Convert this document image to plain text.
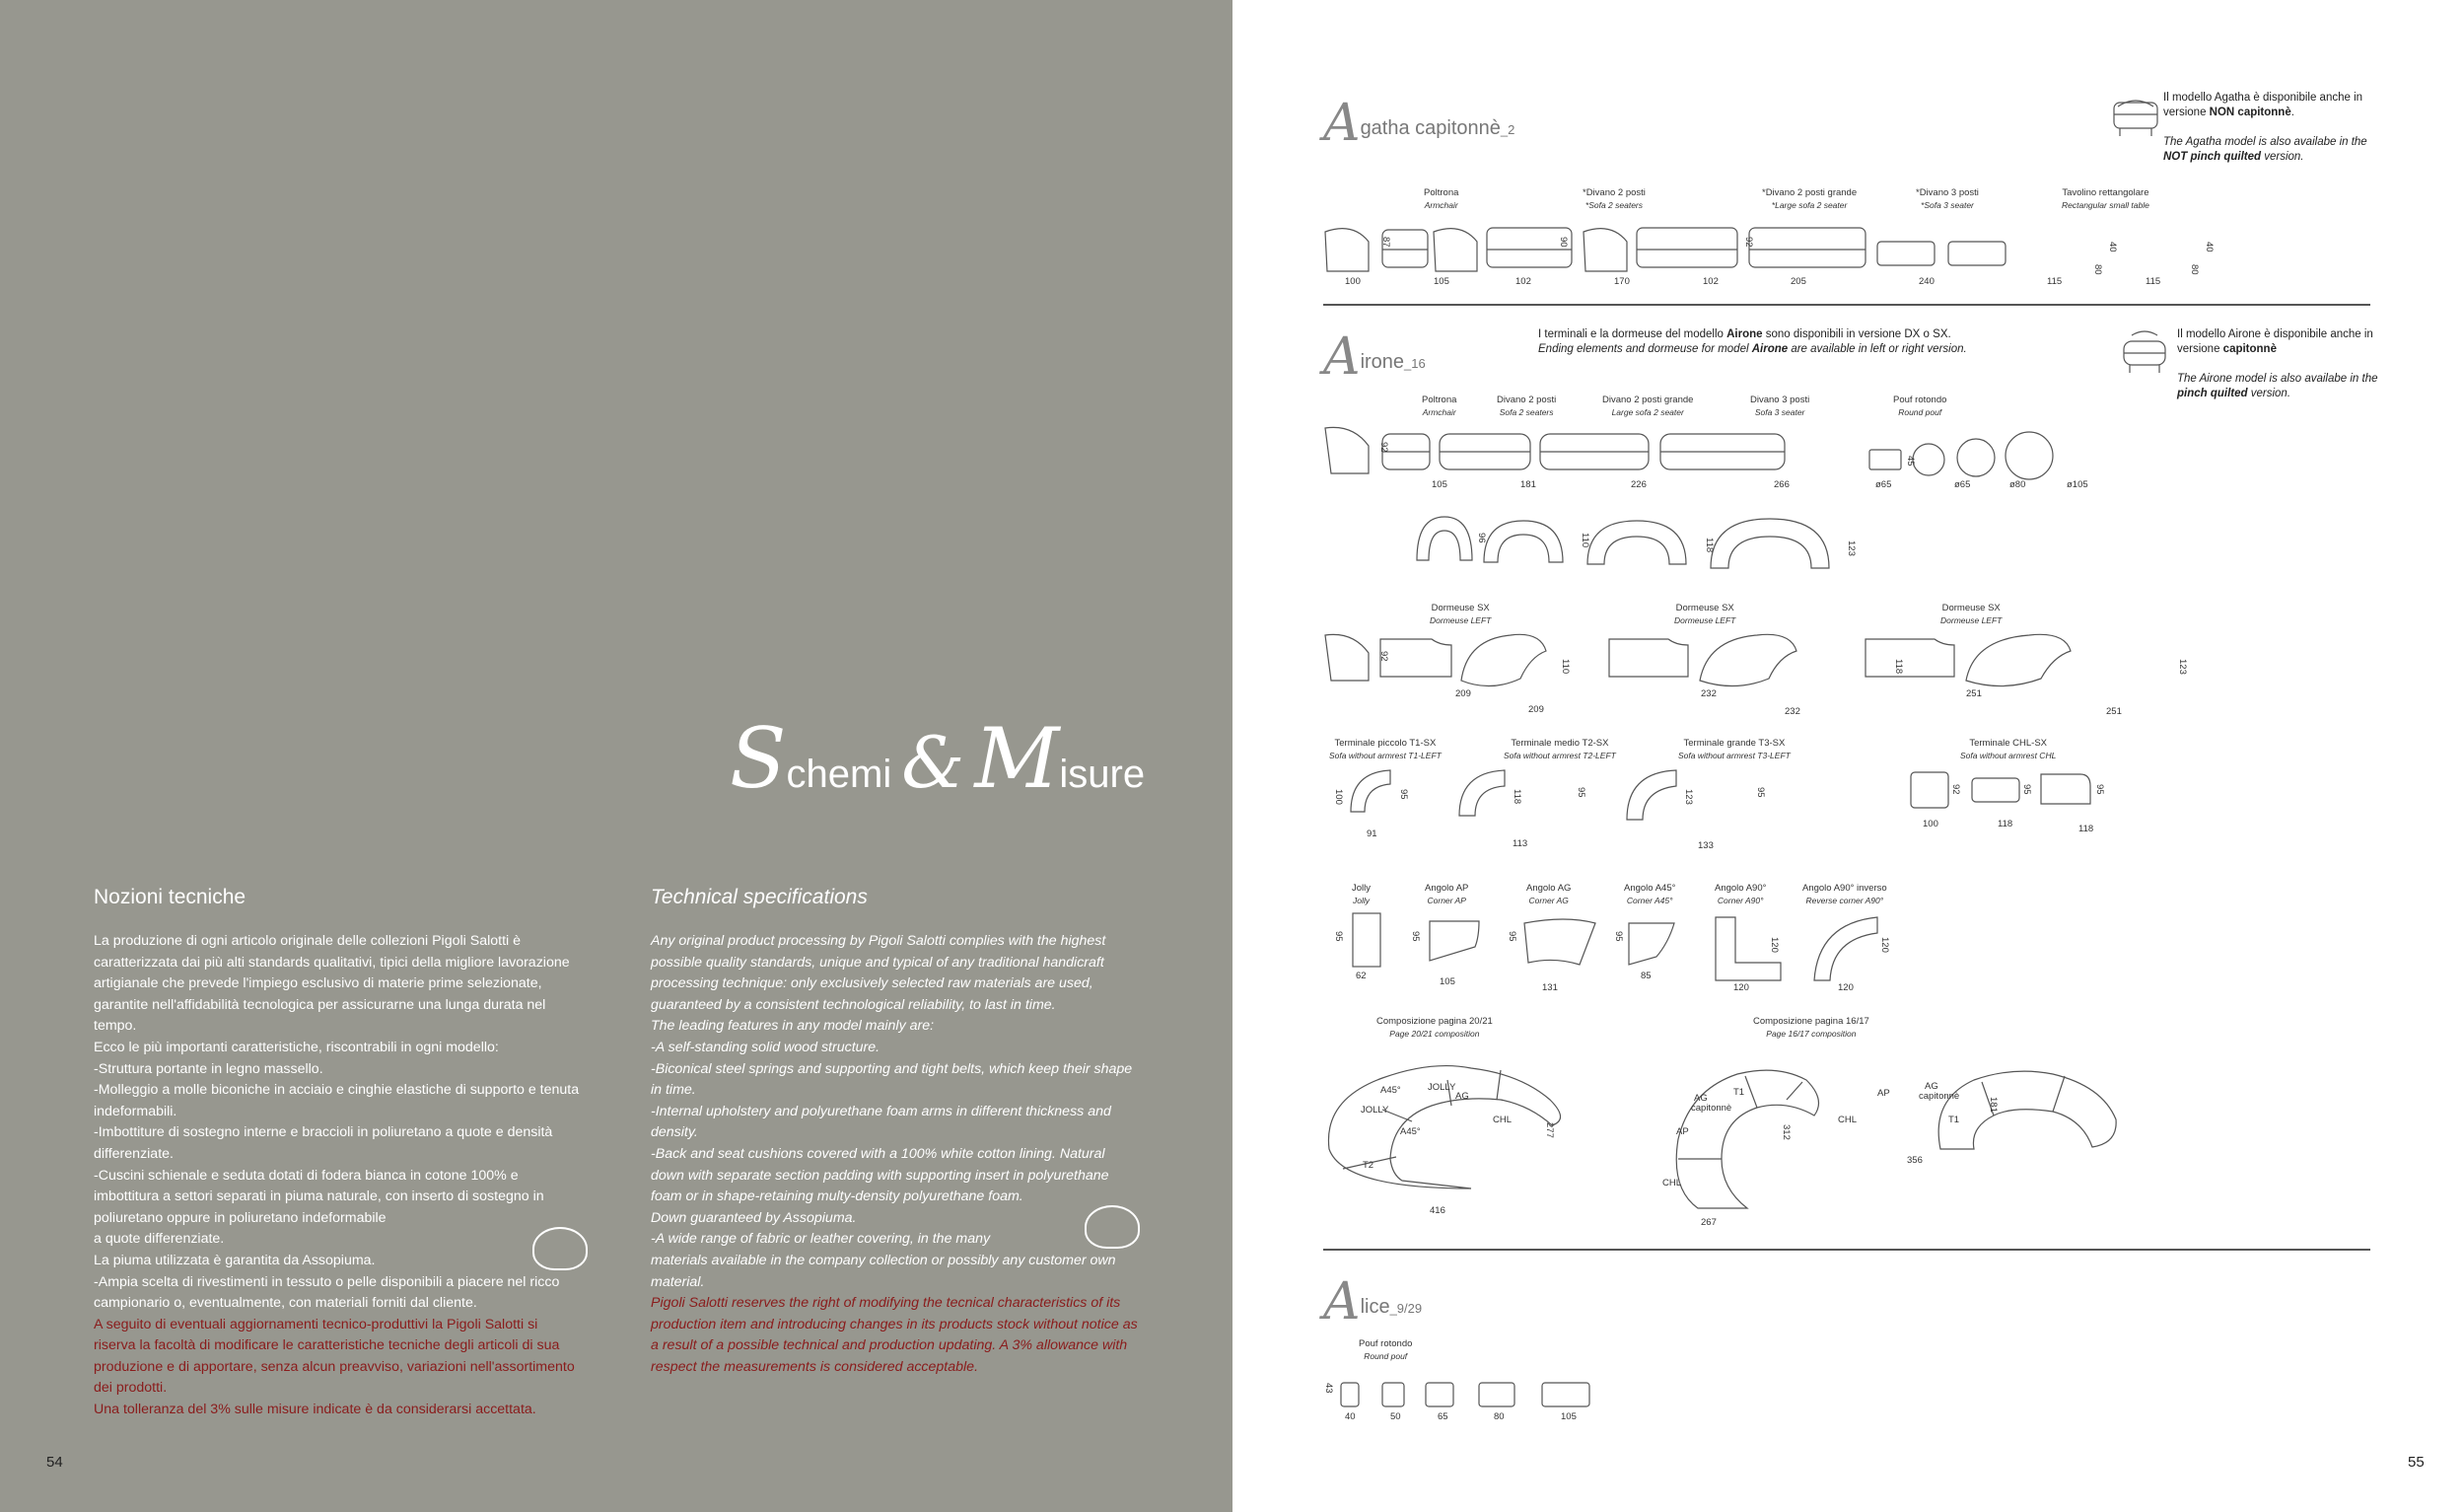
Schemi & Misure
Nozioni tecniche

La produzione di ogni articolo originale delle collezioni Pigoli Salotti è caratterizzata dai più alti standards qualitativi, tipici della migliore lavorazione artigianale che prevede l'impiego esclusivo di materie prime selezionate, garantite nell'affidabilità tecnologica per assicurarne una lunga durata nel tempo.

Ecco le più importanti caratteristiche, riscontrabili in ogni modello:

-Struttura portante in legno massello.

-Molleggio a molle biconiche in acciaio e cinghie elastiche di supporto e tenuta indeformabili.

-Imbottiture di sostegno interne e braccioli in poliuretano a quote e densità differenziate.

-Cuscini schienale e seduta dotati di fodera bianca in cotone 100% e imbottitura a settori separati in piuma naturale, con inserto di sostegno in poliuretano oppure in poliuretano indeformabile

a quote differenziate.

La piuma utilizzata è garantita da Assopiuma.

-Ampia scelta di rivestimenti in tessuto o pelle disponibili a piacere nel ricco campionario o, eventualmente, con materiali forniti dal cliente.

A seguito di eventuali aggiornamenti tecnico-produttivi la Pigoli Salotti si riserva la facoltà di modificare le caratteristiche tecniche degli articoli di sua produzione e di apportare, senza alcun preavviso, variazioni nell'assortimento dei prodotti.

Una tolleranza del 3% sulle misure indicate è da considerarsi accettata.

Technical specifications

Any original product processing by Pigoli Salotti complies with the highest possible quality standards, unique and typical of any traditional handicraft processing technique: only exclusively selected raw materials are used, guaranteed by a consistent technological reliability, to last in time.

The leading features in any model mainly are:

-A self-standing solid wood structure.

-Biconical steel springs and supporting and tight belts, which keep their shape in time.

-Internal upholstery and polyurethane foam arms in different thickness and density.

-Back and seat cushions covered with a 100% white cotton lining. Natural down with separate section padding with supporting insert in polyurethane foam or in shape-retaining multy-density polyurethane foam.

Down guaranteed by Assopiuma.

-A wide range of fabric or leather covering, in the many

materials available in the company collection or possibly any customer own material.

Pigoli Salotti reserves the right of modifying the tecnical characteristics of its production item and introducing changes in its products stock without notice as a result of a possible technical and production updating. A 3% allowance with respect the measurements is considered acceptable.

54
Agatha capitonnè_2
Il modello Agatha è disponibile anche in versione NON capitonnè.

The Agatha model is also availabe in the NOT pinch quilted version.
Poltrona
Armchair
*Divano 2 posti
*Sofa 2 seaters
*Divano 2 posti grande
*Large sofa 2 seater
*Divano 3 posti
*Sofa 3 seater
Tavolino rettangolare
Rectangular small table
100	105	102	170	102	205	240	115	115
87	90	92	40	40
80	80
Airone_16
I terminali e la dormeuse del modello Airone sono disponibili in versione DX o SX.
Ending elements and dormeuse for model Airone are available in left or right version.
Il modello Airone è disponibile anche in versione capitonnè

The Airone model is also availabe in the pinch quilted version.
Poltrona
Armchair
Divano 2 posti
Sofa 2 seaters
Divano 2 posti grande
Large sofa 2 seater
Divano 3 posti
Sofa 3 seater
Pouf rotondo
Round pouf
92
45
105	181	226	266	ø65	ø65	ø80	ø105
96	110	118	123
Dormeuse SX
Dormeuse LEFT
Dormeuse SX
Dormeuse LEFT
Dormeuse SX
Dormeuse LEFT
92
209
110
209
232
118
232
251
123
251
Terminale piccolo T1-SX
Sofa without armrest T1-LEFT
Terminale medio T2-SX
Sofa without armrest T2-LEFT
Terminale grande T3-SX
Sofa without armrest T3-LEFT
Terminale CHL-SX
Sofa without armrest CHL
100	95
91
118	95
113
123	95
133
92	95	95
100	118	118
Jolly
Jolly
Angolo AP
Corner AP
Angolo AG
Corner AG
Angolo A45°
Corner A45°
Angolo A90°
Corner A90°
Angolo A90° inverso
Reverse corner A90°
95
62
95
105
95
131
95
85
120
120
120
120
Composizione pagina 20/21
Page 20/21 composition
Composizione pagina 16/17
Page 16/17 composition
A45°
JOLLY
AG
JOLLY
A45°
CHL
T2
416
277
AG
capitonnè
T1
AP
CHL
267
312
AP
AG
capitonnè
CHL	T1
356
181
Alice_9/29
Pouf rotondo
Round pouf
43
40	50	65	80	105
55
